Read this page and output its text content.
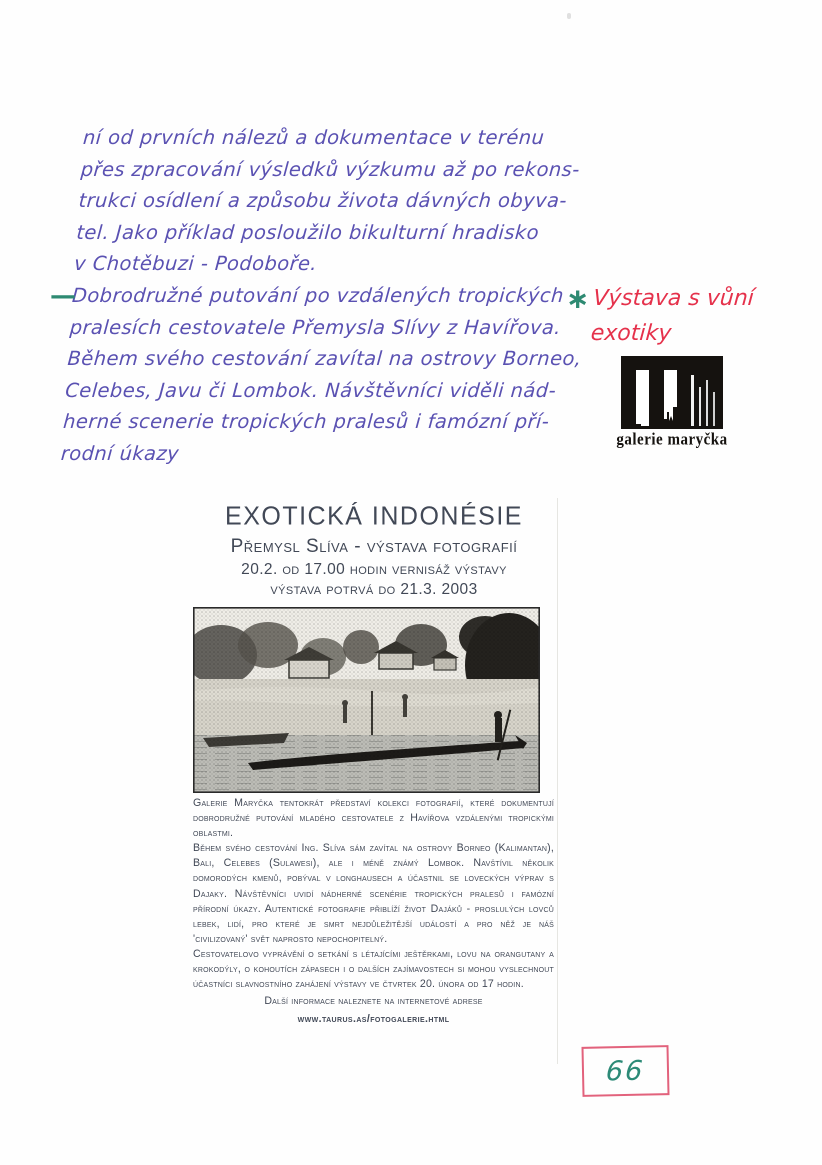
ní od prvních nálezů a dokumentace v terénu
přes zpracování výsledků výzkumu až po rekons-
trukci osídlení a způsobu života dávných obyva-
tel. Jako příklad posloužilo bikulturní hradisko
v Chotěbuzi - Podoboře.
Dobrodružné putování po vzdálených tropických
pralesích cestovatele Přemysla Slívy z Havířova.
Během svého cestování zavítal na ostrovy Borneo,
Celebes, Javu či Lombok. Návštěvníci viděli nád-
herné scenerie tropických pralesů i famózní pří-
rodní úkazy
—	∗ Výstava s vůní
exotiky
galerie maryčka
EXOTICKÁ INDONÉSIE
Přemysl Slíva - výstava fotografií
20.2. od 17.00 hodin vernisáž výstavy
výstava potrvá do 21.3. 2003

Galerie Maryčka tentokrát představí kolekci fotografií, které dokumentují dobrodružné putování mladého cestovatele z Havířova vzdálenými tropickými oblastmi.

Během svého cestování Ing. Slíva sám zavítal na ostrovy Borneo (Kalimantan), Bali, Celebes (Sulawesi), ale i méně známý Lombok. Navštívil několik domorodých kmenů, pobýval v longhausech a účastnil se loveckých výprav s Dajaky. Návštěvníci uvidí nádherné scenérie tropických pralesů i famózní přírodní úkazy. Autentické fotografie přiblíží život Dajáků - proslulých lovců lebek, lidí, pro které je smrt nejdůležitější událostí a pro něž je náš 'civilizovaný' svět naprosto nepochopitelný.

Cestovatelovo vyprávění o setkání s létajícími ještěrkami, lovu na orangutany a krokodýly, o kohoutích zápasech i o dalších zajímavostech si mohou vyslechnout účastníci slavnostního zahájení výstavy ve čtvrtek 20. února od 17 hodin.

Další informace naleznete na internetové adrese
www.taurus.as/fotogalerie.html
66
